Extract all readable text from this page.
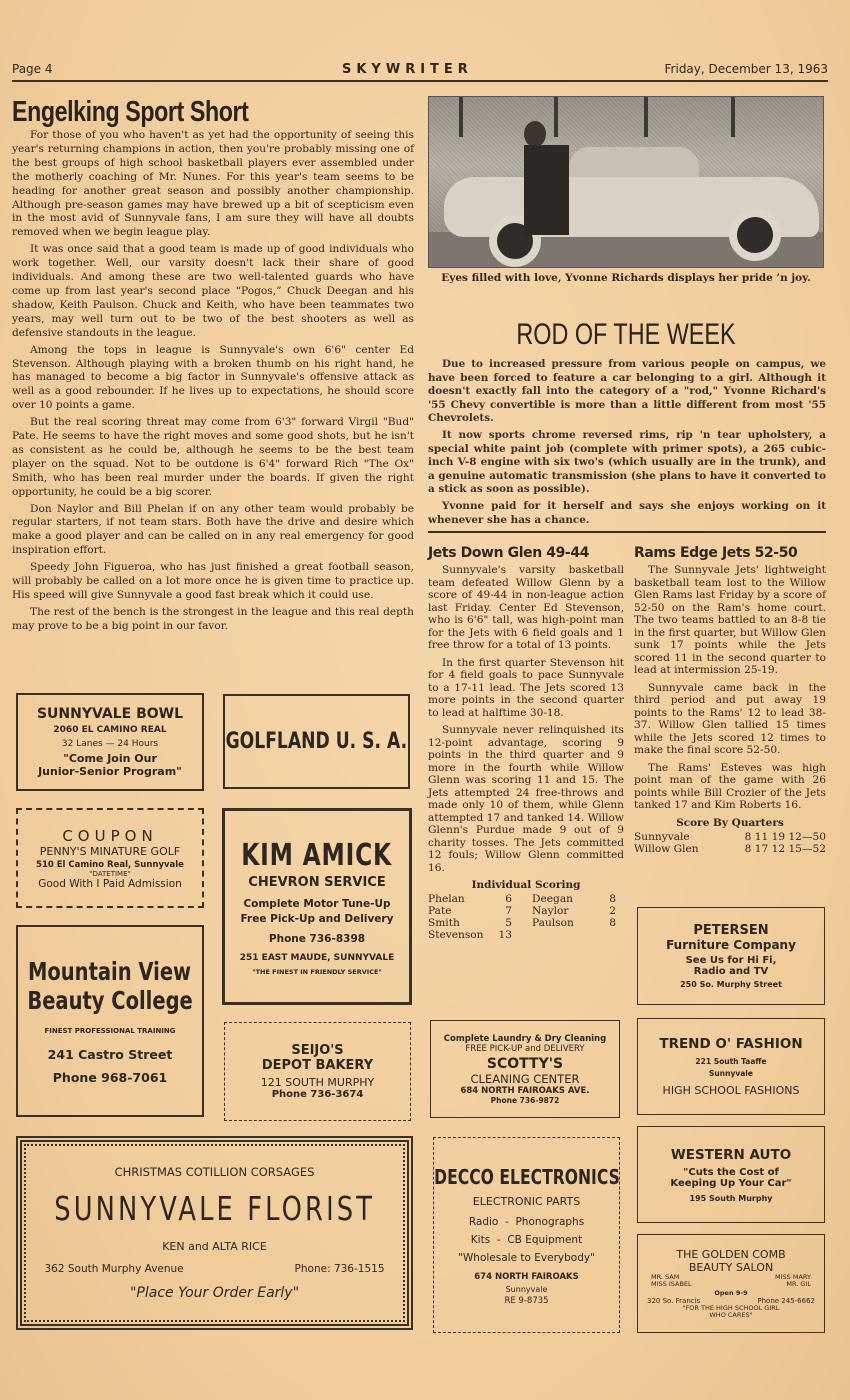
Page 4	SKYWRITER	Friday, December 13, 1963
Engelking Sport Short

For those of you who haven't as yet had the opportunity of seeing this year's returning champions in action, then you're probably missing one of the best groups of high school basketball players ever assembled under the motherly coaching of Mr. Nunes. For this year's team seems to be heading for another great season and possibly another championship. Although pre-season games may have brewed up a bit of scepticism even in the most avid of Sunnyvale fans, I am sure they will have all doubts removed when we begin league play.

It was once said that a good team is made up of good individuals who work together. Well, our varsity doesn't lack their share of good individuals. And among these are two well-talented guards who have come up from last year's second place “Pogos,” Chuck Deegan and his shadow, Keith Paulson. Chuck and Keith, who have been teammates two years, may well turn out to be two of the best shooters as well as defensive standouts in the league.

Among the tops in league is Sunnyvale's own 6'6" center Ed Stevenson. Although playing with a broken thumb on his right hand, he has managed to become a big factor in Sunnyvale's offensive attack as well as a good rebounder. If he lives up to expectations, he should score over 10 points a game.

But the real scoring threat may come from 6'3" forward Virgil "Bud" Pate. He seems to have the right moves and some good shots, but he isn't as consistent as he could be, although he seems to be the best team player on the squad. Not to be outdone is 6'4" forward Rich "The Ox" Smith, who has been real murder under the boards. If given the right opportunity, he could be a big scorer.

Don Naylor and Bill Phelan if on any other team would probably be regular starters, if not team stars. Both have the drive and desire which make a good player and can be called on in any real emergency for good inspiration effort.

Speedy John Figueroa, who has just finished a great football season, will probably be called on a lot more once he is given time to practice up. His speed will give Sunnyvale a good fast break which it could use.

The rest of the bench is the strongest in the league and this real depth may prove to be a big point in our favor.

Eyes filled with love, Yvonne Richards displays her pride ’n joy.
ROD OF THE WEEK

Due to increased pressure from various people on campus, we have been forced to feature a car belonging to a girl. Although it doesn't exactly fall into the category of a "rod," Yvonne Richard's '55 Chevy convertible is more than a little different from most '55 Chevrolets.

It now sports chrome reversed rims, rip 'n tear upholstery, a special white paint job (complete with primer spots), a 265 cubic-inch V-8 engine with six two's (which usually are in the trunk), and a genuine automatic transmission (she plans to have it converted to a stick as soon as possible).

Yvonne paid for it herself and says she enjoys working on it whenever she has a chance.

Jets Down Glen 49-44

Sunnyvale's varsity basketball team defeated Willow Glenn by a score of 49-44 in non-league action last Friday. Center Ed Stevenson, who is 6'6" tall, was high-point man for the Jets with 6 field goals and 1 free throw for a total of 13 points.

In the first quarter Stevenson hit for 4 field goals to pace Sunnyvale to a 17-11 lead. The Jets scored 13 more points in the second quarter to lead at halftime 30-18.

Sunnyvale never relinquished its 12-point advantage, scoring 9 points in the third quarter and 9 more in the fourth while Willow Glenn was scoring 11 and 15. The Jets attempted 24 free-throws and made only 10 of them, while Glenn attempted 17 and tanked 14. Willow Glenn's Purdue made 9 out of 9 charity tosses. The Jets committed 12 fouls; Willow Glenn committed 16.

Individual Scoring
Phelan	6 Deegan	8
Pate	7 Naylor	2
Smith	5 Paulson	8
Stevenson	13
Rams Edge Jets 52-50

The Sunnyvale Jets' lightweight basketball team lost to the Willow Glen Rams last Friday by a score of 52-50 on the Ram's home court. The two teams battled to an 8-8 tie in the first quarter, but Willow Glen sunk 17 points while the Jets scored 11 in the second quarter to lead at intermission 25-19.

Sunnyvale came back in the third period and put away 19 points to the Rams' 12 to lead 38-37. Willow Glen tallied 15 times while the Jets scored 12 times to make the final score 52-50.

The Rams' Esteves was high point man of the game with 26 points while Bill Crozier of the Jets tanked 17 and Kim Roberts 16.

Score By Quarters
Sunnyvale	8 11 19 12—50
Willow Glen	8 17 12 15—52
SUNNYVALE BOWL
2060 EL CAMINO REAL
32 Lanes — 24 Hours
"Come Join Our
Junior-Senior Program"
GOLFLAND U. S. A.
COUPON
PENNY'S MINATURE GOLF
510 El Camino Real, Sunnyvale
"DATETIME"
Good With I Paid Admission
KIM AMICK
CHEVRON SERVICE
Complete Motor Tune-Up
Free Pick-Up and Delivery
Phone 736-8398
251 EAST MAUDE, SUNNYVALE
"THE FINEST IN FRIENDLY SERVICE"
Mountain View
Beauty College
FINEST PROFESSIONAL TRAINING
241 Castro Street
Phone 968-7061
SEIJO'S
DEPOT BAKERY
121 SOUTH MURPHY
Phone 736-3674
CHRISTMAS COTILLION CORSAGES
SUNNYVALE FLORIST
KEN and ALTA RICE
362 South Murphy Avenue	Phone: 736-1515
"Place Your Order Early"
Complete Laundry & Dry Cleaning
FREE PICK-UP and DELIVERY
SCOTTY'S
CLEANING CENTER
684 NORTH FAIROAKS AVE.
Phone 736-9872
DECCO ELECTRONICS
ELECTRONIC PARTS
Radio  -  Phonographs
Kits  -  CB Equipment
"Wholesale to Everybody"
674 NORTH FAIROAKS
Sunnyvale
RE 9-8735
PETERSEN
Furniture Company
See Us for Hi Fi,
Radio and TV
250 So. Murphy Street
TREND O' FASHION
221 South Taaffe
Sunnyvale
HIGH SCHOOL FASHIONS
WESTERN AUTO
"Cuts the Cost of
Keeping Up Your Car"
195 South Murphy
THE GOLDEN COMB
BEAUTY SALON
MR. SAM	MISS MARY
MISS ISABEL	MR. GIL
Open 9-9
320 So. Francis	Phone 245-6662
"FOR THE HIGH SCHOOL GIRL
WHO CARES"
